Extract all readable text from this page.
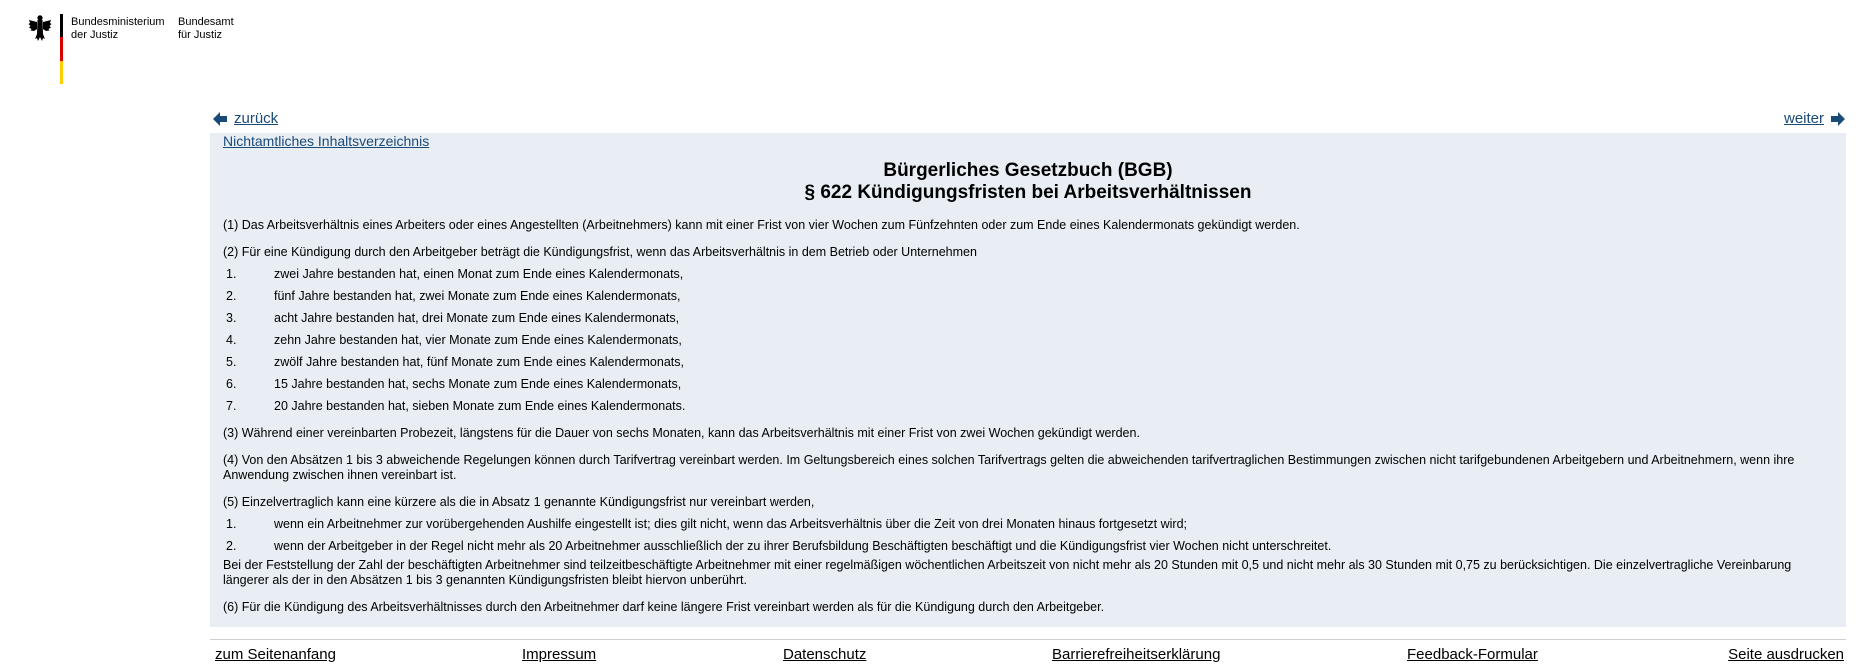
Bundesministerium
der Justiz
Bundesamt
für Justiz
zurück	weiter
Nichtamtliches Inhaltsverzeichnis
Bürgerliches Gesetzbuch (BGB)
§ 622 Kündigungsfristen bei Arbeitsverhältnissen
(1) Das Arbeitsverhältnis eines Arbeiters oder eines Angestellten (Arbeitnehmers) kann mit einer Frist von vier Wochen zum Fünfzehnten oder zum Ende eines Kalendermonats gekündigt werden.
(2) Für eine Kündigung durch den Arbeitgeber beträgt die Kündigungsfrist, wenn das Arbeitsverhältnis in dem Betrieb oder Unternehmen
1.	zwei Jahre bestanden hat, einen Monat zum Ende eines Kalendermonats,
2.	fünf Jahre bestanden hat, zwei Monate zum Ende eines Kalendermonats,
3.	acht Jahre bestanden hat, drei Monate zum Ende eines Kalendermonats,
4.	zehn Jahre bestanden hat, vier Monate zum Ende eines Kalendermonats,
5.	zwölf Jahre bestanden hat, fünf Monate zum Ende eines Kalendermonats,
6.	15 Jahre bestanden hat, sechs Monate zum Ende eines Kalendermonats,
7.	20 Jahre bestanden hat, sieben Monate zum Ende eines Kalendermonats.
(3) Während einer vereinbarten Probezeit, längstens für die Dauer von sechs Monaten, kann das Arbeitsverhältnis mit einer Frist von zwei Wochen gekündigt werden.
(4) Von den Absätzen 1 bis 3 abweichende Regelungen können durch Tarifvertrag vereinbart werden. Im Geltungsbereich eines solchen Tarifvertrags gelten die abweichenden tarifvertraglichen Bestimmungen zwischen nicht tarifgebundenen Arbeitgebern und Arbeitnehmern, wenn ihre Anwendung zwischen ihnen vereinbart ist.
(5) Einzelvertraglich kann eine kürzere als die in Absatz 1 genannte Kündigungsfrist nur vereinbart werden,
1.	wenn ein Arbeitnehmer zur vorübergehenden Aushilfe eingestellt ist; dies gilt nicht, wenn das Arbeitsverhältnis über die Zeit von drei Monaten hinaus fortgesetzt wird;
2.	wenn der Arbeitgeber in der Regel nicht mehr als 20 Arbeitnehmer ausschließlich der zu ihrer Berufsbildung Beschäftigten beschäftigt und die Kündigungsfrist vier Wochen nicht unterschreitet.
Bei der Feststellung der Zahl der beschäftigten Arbeitnehmer sind teilzeitbeschäftigte Arbeitnehmer mit einer regelmäßigen wöchentlichen Arbeitszeit von nicht mehr als 20 Stunden mit 0,5 und nicht mehr als 30 Stunden mit 0,75 zu berücksichtigen. Die einzelvertragliche Vereinbarung längerer als der in den Absätzen 1 bis 3 genannten Kündigungsfristen bleibt hiervon unberührt.
(6) Für die Kündigung des Arbeitsverhältnisses durch den Arbeitnehmer darf keine längere Frist vereinbart werden als für die Kündigung durch den Arbeitgeber.
zum Seitenanfang	Impressum	Datenschutz	Barrierefreiheitserklärung	Feedback-Formular	Seite ausdrucken
